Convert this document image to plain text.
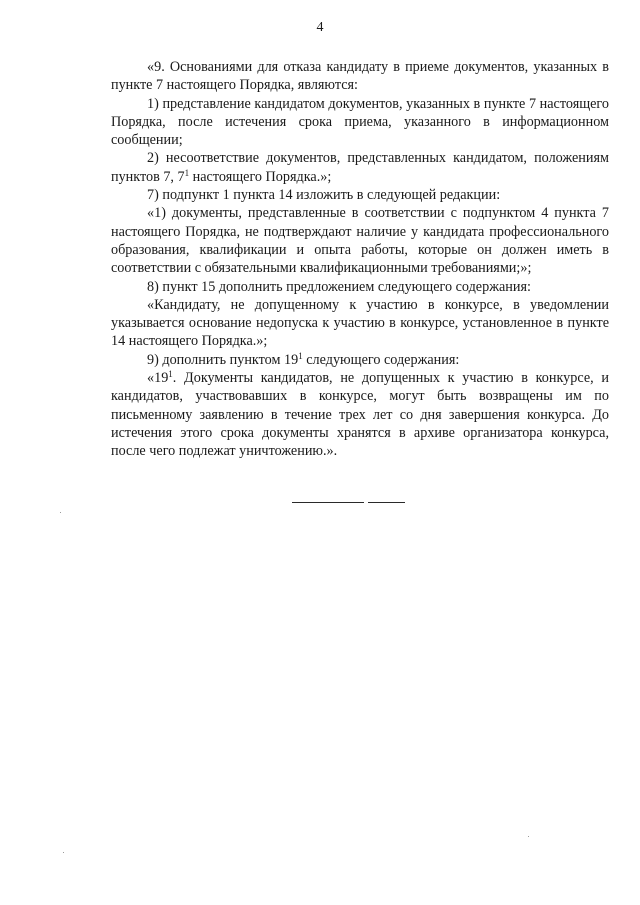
4

«9. Основаниями для отказа кандидату в приеме документов, указанных в пункте 7 настоящего Порядка, являются:

1) представление кандидатом документов, указанных в пункте 7 настоящего Порядка, после истечения срока приема, указанного в информационном сообщении;

2) несоответствие документов, представленных кандидатом, положениям пунктов 7, $7^1$ настоящего Порядка.»;

7) подпункт 1 пункта 14 изложить в следующей редакции:

«1) документы, представленные в соответствии с подпунктом 4 пункта 7 настоящего Порядка, не подтверждают наличие у кандидата профессионального образования, квалификации и опыта работы, которые он должен иметь в соответствии с обязательными квалификационными требованиями;»;

8) пункт 15 дополнить предложением следующего содержания:

«Кандидату, не допущенному к участию в конкурсе, в уведомлении указывается основание недопуска к участию в конкурсе, установленное в пункте 14 настоящего Порядка.»;

9) дополнить пунктом $19^1$ следующего содержания:

«$19^1$. Документы кандидатов, не допущенных к участию в конкурсе, и кандидатов, участвовавших в конкурсе, могут быть возвращены им по письменному заявлению в течение трех лет со дня завершения конкурса. До истечения этого срока документы хранятся в архиве организатора конкурса, после чего подлежат уничтожению.».
